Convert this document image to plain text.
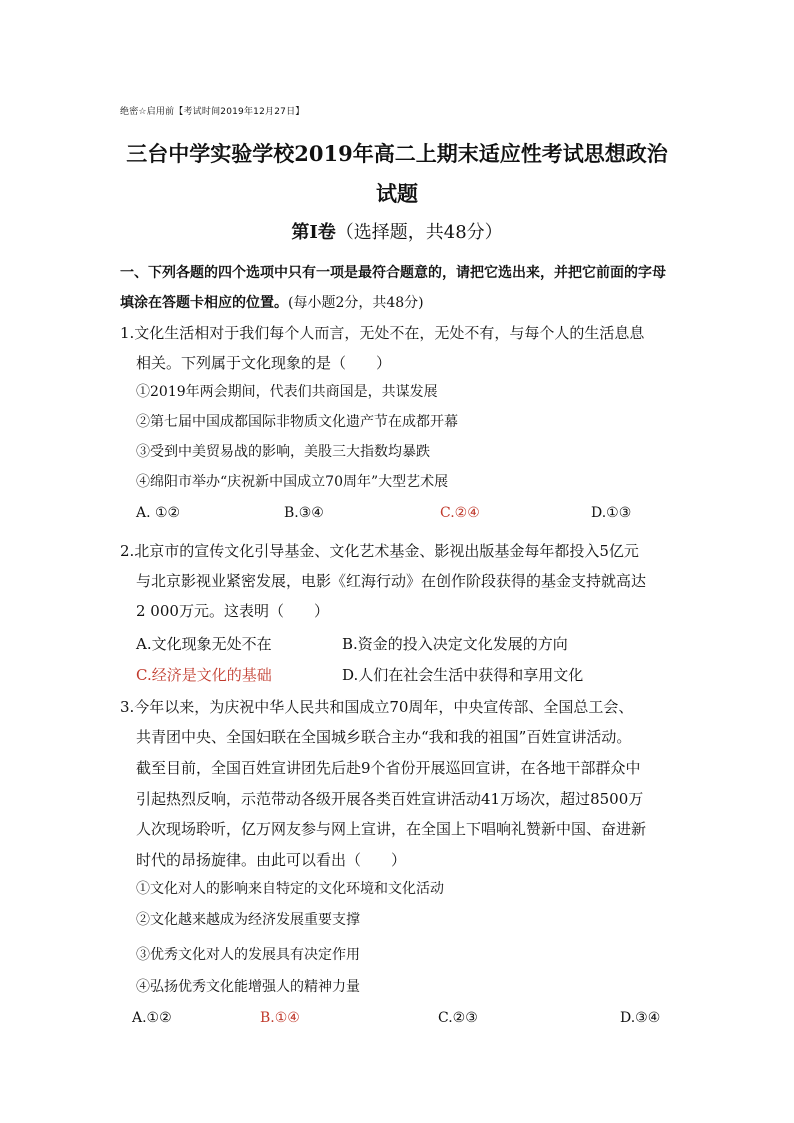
绝密☆启用前【考试时间2019年12月27日】
三台中学实验学校2019年高二上期末适应性考试思想政治
试题
第Ⅰ卷（选择题，共48分）
一、下列各题的四个选项中只有一项是最符合题意的，请把它选出来，并把它前面的字母
填涂在答题卡相应的位置。(每小题2分，共48分)
1.文化生活相对于我们每个人而言，无处不在，无处不有，与每个人的生活息息
相关。下列属于文化现象的是（　　）
①2019年两会期间，代表们共商国是，共谋发展
②第七届中国成都国际非物质文化遗产节在成都开幕
③受到中美贸易战的影响，美股三大指数均暴跌
④绵阳市举办“庆祝新中国成立70周年”大型艺术展
A. ①②	B.③④	C.②④	D.①③
2.北京市的宣传文化引导基金、文化艺术基金、影视出版基金每年都投入5亿元
与北京影视业紧密发展，电影《红海行动》在创作阶段获得的基金支持就高达
2 000万元。这表明（　　）
A.文化现象无处不在	B.资金的投入决定文化发展的方向
C.经济是文化的基础	D.人们在社会生活中获得和享用文化
3.今年以来，为庆祝中华人民共和国成立70周年，中央宣传部、全国总工会、
共青团中央、全国妇联在全国城乡联合主办“我和我的祖国”百姓宣讲活动。
截至目前，全国百姓宣讲团先后赴9个省份开展巡回宣讲，在各地干部群众中
引起热烈反响，示范带动各级开展各类百姓宣讲活动41万场次，超过8500万
人次现场聆听，亿万网友参与网上宣讲，在全国上下唱响礼赞新中国、奋进新
时代的昂扬旋律。由此可以看出（　　）
①文化对人的影响来自特定的文化环境和文化活动
②文化越来越成为经济发展重要支撑
③优秀文化对人的发展具有决定作用
④弘扬优秀文化能增强人的精神力量
A.①②	B.①④	C.②③	D.③④
